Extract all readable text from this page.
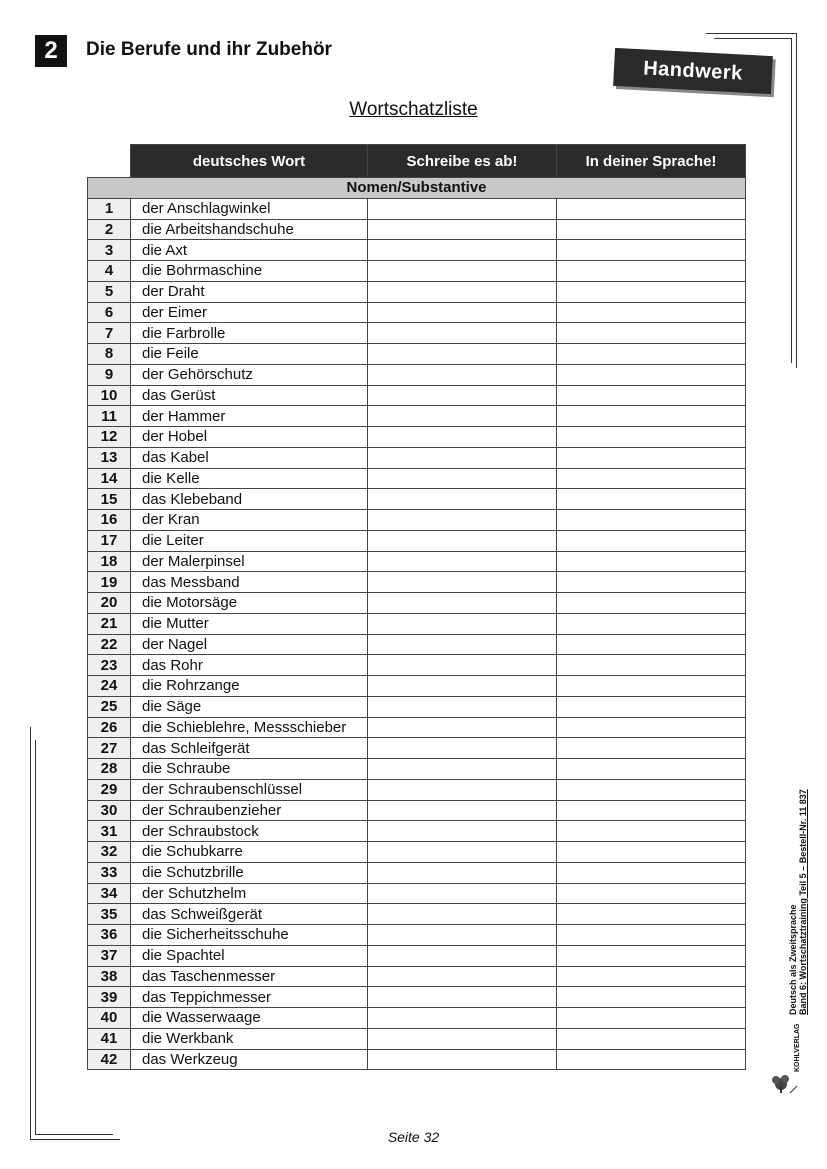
2	Die Berufe und ihr Zubehör
Handwerk
Wortschatzliste
	deutsches Wort	Schreibe es ab!	In deiner Sprache!
Nomen/Substantive			
1	der Anschlagwinkel		
2	die Arbeitshandschuhe		
3	die Axt		
4	die Bohrmaschine		
5	der Draht		
6	der Eimer		
7	die Farbrolle		
8	die Feile		
9	der Gehörschutz		
10	das Gerüst		
11	der Hammer		
12	der Hobel		
13	das Kabel		
14	die Kelle		
15	das Klebeband		
16	der Kran		
17	die Leiter		
18	der Malerpinsel		
19	das Messband		
20	die Motorsäge		
21	die Mutter		
22	der Nagel		
23	das Rohr		
24	die Rohrzange		
25	die Säge		
26	die Schieblehre, Messschieber		
27	das Schleifgerät		
28	die Schraube		
29	der Schraubenschlüssel		
30	der Schraubenzieher		
31	der Schraubstock		
32	die Schubkarre		
33	die Schutzbrille		
34	der Schutzhelm		
35	das Schweißgerät		
36	die Sicherheitsschuhe		
37	die Spachtel		
38	das Taschenmesser		
39	das Teppichmesser		
40	die Wasserwaage		
41	die Werkbank		
42	das Werkzeug		
Deutsch als Zweitsprache Band 6: Wortschatztraining Teil 5 – Bestell-Nr. 11 837
KOHLVERLAG
Seite 32
